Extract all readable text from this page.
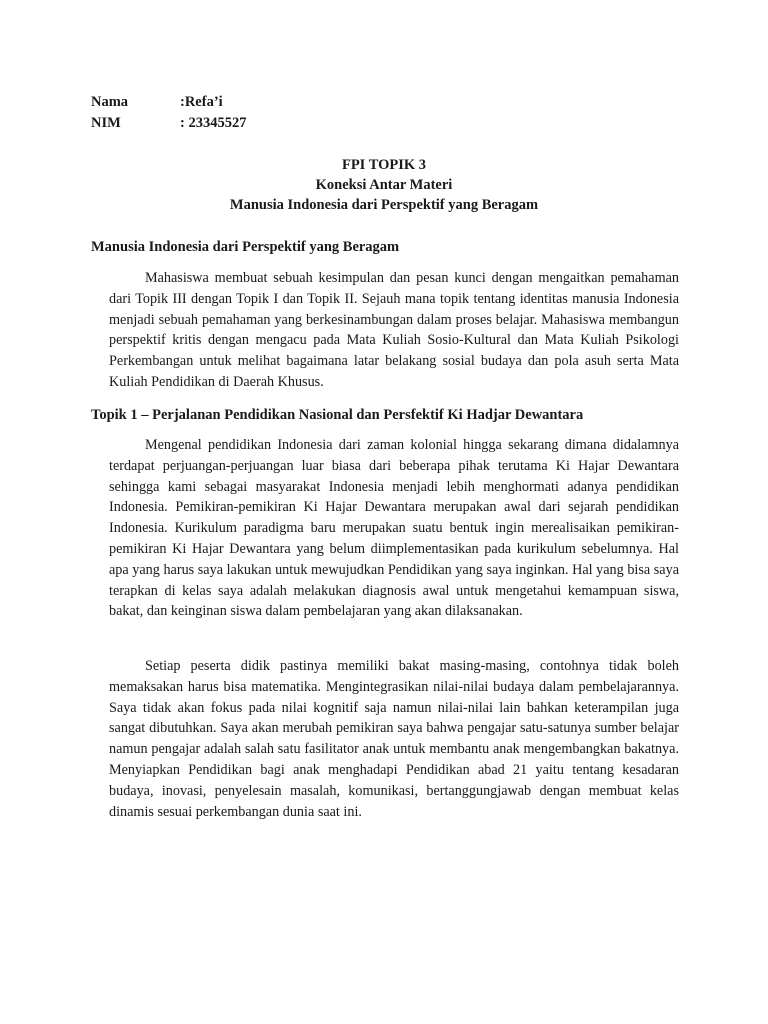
Nama	:Refa’i
NIM	: 23345527
FPI TOPIK 3
Koneksi Antar Materi
Manusia Indonesia dari Perspektif yang Beragam
Manusia Indonesia dari Perspektif yang Beragam

Mahasiswa membuat sebuah kesimpulan dan pesan kunci dengan mengaitkan pemahaman dari Topik III dengan Topik I dan Topik II. Sejauh mana topik tentang identitas manusia Indonesia menjadi sebuah pemahaman yang berkesinambungan dalam proses belajar. Mahasiswa membangun perspektif kritis dengan mengacu pada Mata Kuliah Sosio-Kultural dan Mata Kuliah Psikologi Perkembangan untuk melihat bagaimana latar belakang sosial budaya dan pola asuh serta Mata Kuliah Pendidikan di Daerah Khusus.

Topik 1 – Perjalanan Pendidikan Nasional dan Persfektif Ki Hadjar Dewantara

Mengenal pendidikan Indonesia dari zaman kolonial hingga sekarang dimana didalamnya terdapat perjuangan-perjuangan luar biasa dari beberapa pihak terutama Ki Hajar Dewantara sehingga kami sebagai masyarakat Indonesia menjadi lebih menghormati adanya pendidikan Indonesia. Pemikiran-pemikiran Ki Hajar Dewantara merupakan awal dari sejarah pendidikan Indonesia. Kurikulum paradigma baru merupakan suatu bentuk ingin merealisaikan pemikiran-pemikiran Ki Hajar Dewantara yang belum diimplementasikan pada kurikulum sebelumnya. Hal apa yang harus saya lakukan untuk mewujudkan Pendidikan yang saya inginkan. Hal yang bisa saya terapkan di kelas saya adalah melakukan diagnosis awal untuk mengetahui kemampuan siswa, bakat, dan keinginan siswa dalam pembelajaran yang akan dilaksanakan.

Setiap peserta didik pastinya memiliki bakat masing-masing, contohnya tidak boleh memaksakan harus bisa matematika. Mengintegrasikan nilai-nilai budaya dalam pembelajarannya. Saya tidak akan fokus pada nilai kognitif saja namun nilai-nilai lain bahkan keterampilan juga sangat dibutuhkan. Saya akan merubah pemikiran saya bahwa pengajar satu-satunya sumber belajar namun pengajar adalah salah satu fasilitator anak untuk membantu anak mengembangkan bakatnya. Menyiapkan Pendidikan bagi anak menghadapi Pendidikan abad 21 yaitu tentang kesadaran budaya, inovasi, penyelesain masalah, komunikasi, bertanggungjawab dengan membuat kelas dinamis sesuai perkembangan dunia saat ini.
